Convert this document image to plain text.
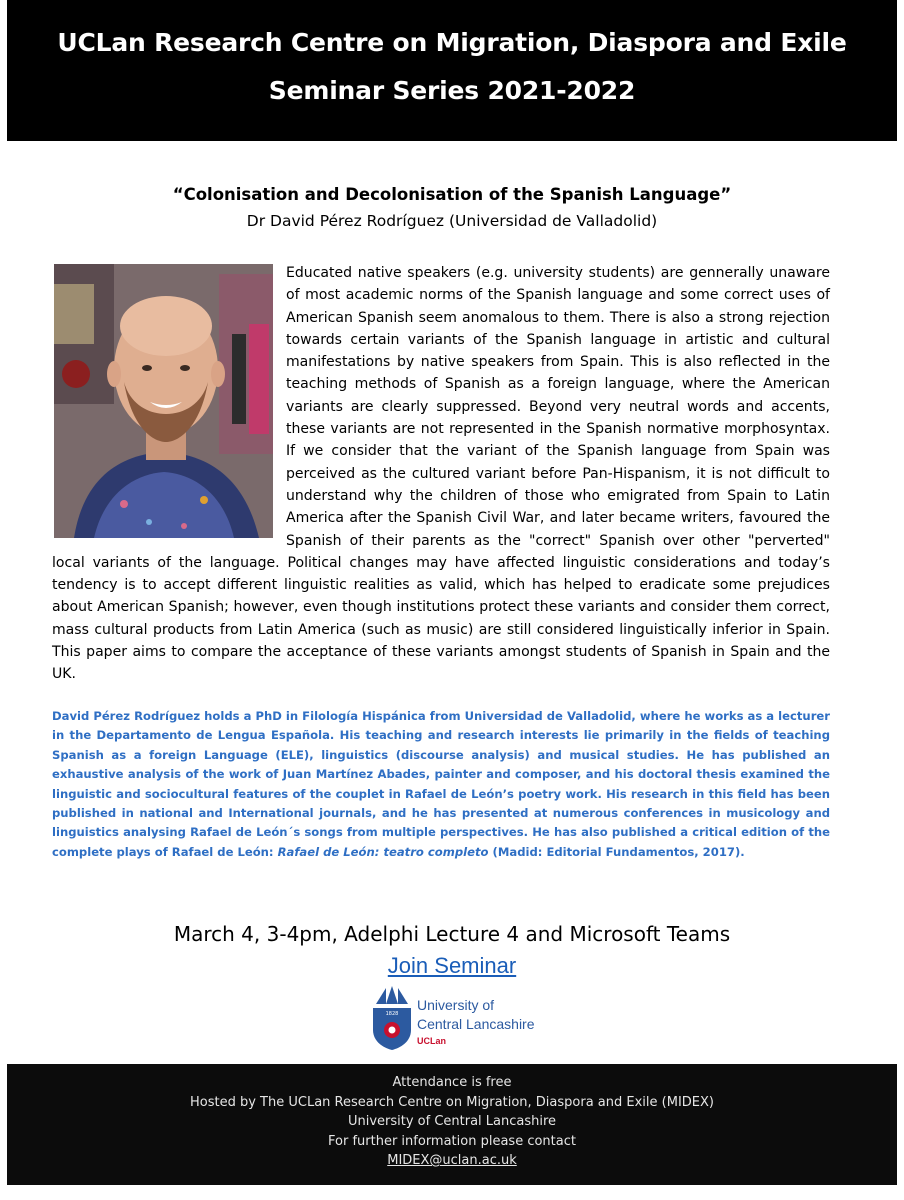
UCLan Research Centre on Migration, Diaspora and Exile
Seminar Series 2021-2022
“Colonisation and Decolonisation of the Spanish Language”
Dr David Pérez Rodríguez (Universidad de Valladolid)

Educated native speakers (e.g. university students) are gennerally unaware of most academic norms of the Spanish language and some correct uses of American Spanish seem anomalous to them. There is also a strong rejection towards certain variants of the Spanish language in artistic and cultural manifestations by native speakers from Spain. This is also reflected in the teaching methods of Spanish as a foreign language, where the American variants are clearly suppressed. Beyond very neutral words and accents, these variants are not represented in the Spanish normative morphosyntax. If we consider that the variant of the Spanish language from Spain was perceived as the cultured variant before Pan-Hispanism, it is not difficult to understand why the children of those who emigrated from Spain to Latin America after the Spanish Civil War, and later became writers, favoured the Spanish of their parents as the "correct" Spanish over other "perverted" local variants of the language. Political changes may have affected linguistic considerations and today’s tendency is to accept different linguistic realities as valid, which has helped to eradicate some prejudices about American Spanish; however, even though institutions protect these variants and consider them correct, mass cultural products from Latin America (such as music) are still considered linguistically inferior in Spain. This paper aims to compare the acceptance of these variants amongst students of Spanish in Spain and the UK.

David Pérez Rodríguez holds a PhD in Filología Hispánica from Universidad de Valladolid, where he works as a lecturer in the Departamento de Lengua Española. His teaching and research interests lie primarily in the fields of teaching Spanish as a foreign Language (ELE), linguistics (discourse analysis) and musical studies. He has published an exhaustive analysis of the work of Juan Martínez Abades, painter and composer, and his doctoral thesis examined the linguistic and sociocultural features of the couplet in Rafael de León’s poetry work. His research in this field has been published in national and International journals, and he has presented at numerous conferences in musicology and linguistics analysing Rafael de León´s songs from multiple perspectives. He has also published a critical edition of the complete plays of Rafael de León: Rafael de León: teatro completo (Madid: Editorial Fundamentos, 2017).

March 4, 3-4pm, Adelphi Lecture 4 and Microsoft Teams
Join Seminar
1828
University of
Central Lancashire
UCLan
Attendance is free
Hosted by The UCLan Research Centre on Migration, Diaspora and Exile (MIDEX)
University of Central Lancashire
For further information please contact
MIDEX@uclan.ac.uk
